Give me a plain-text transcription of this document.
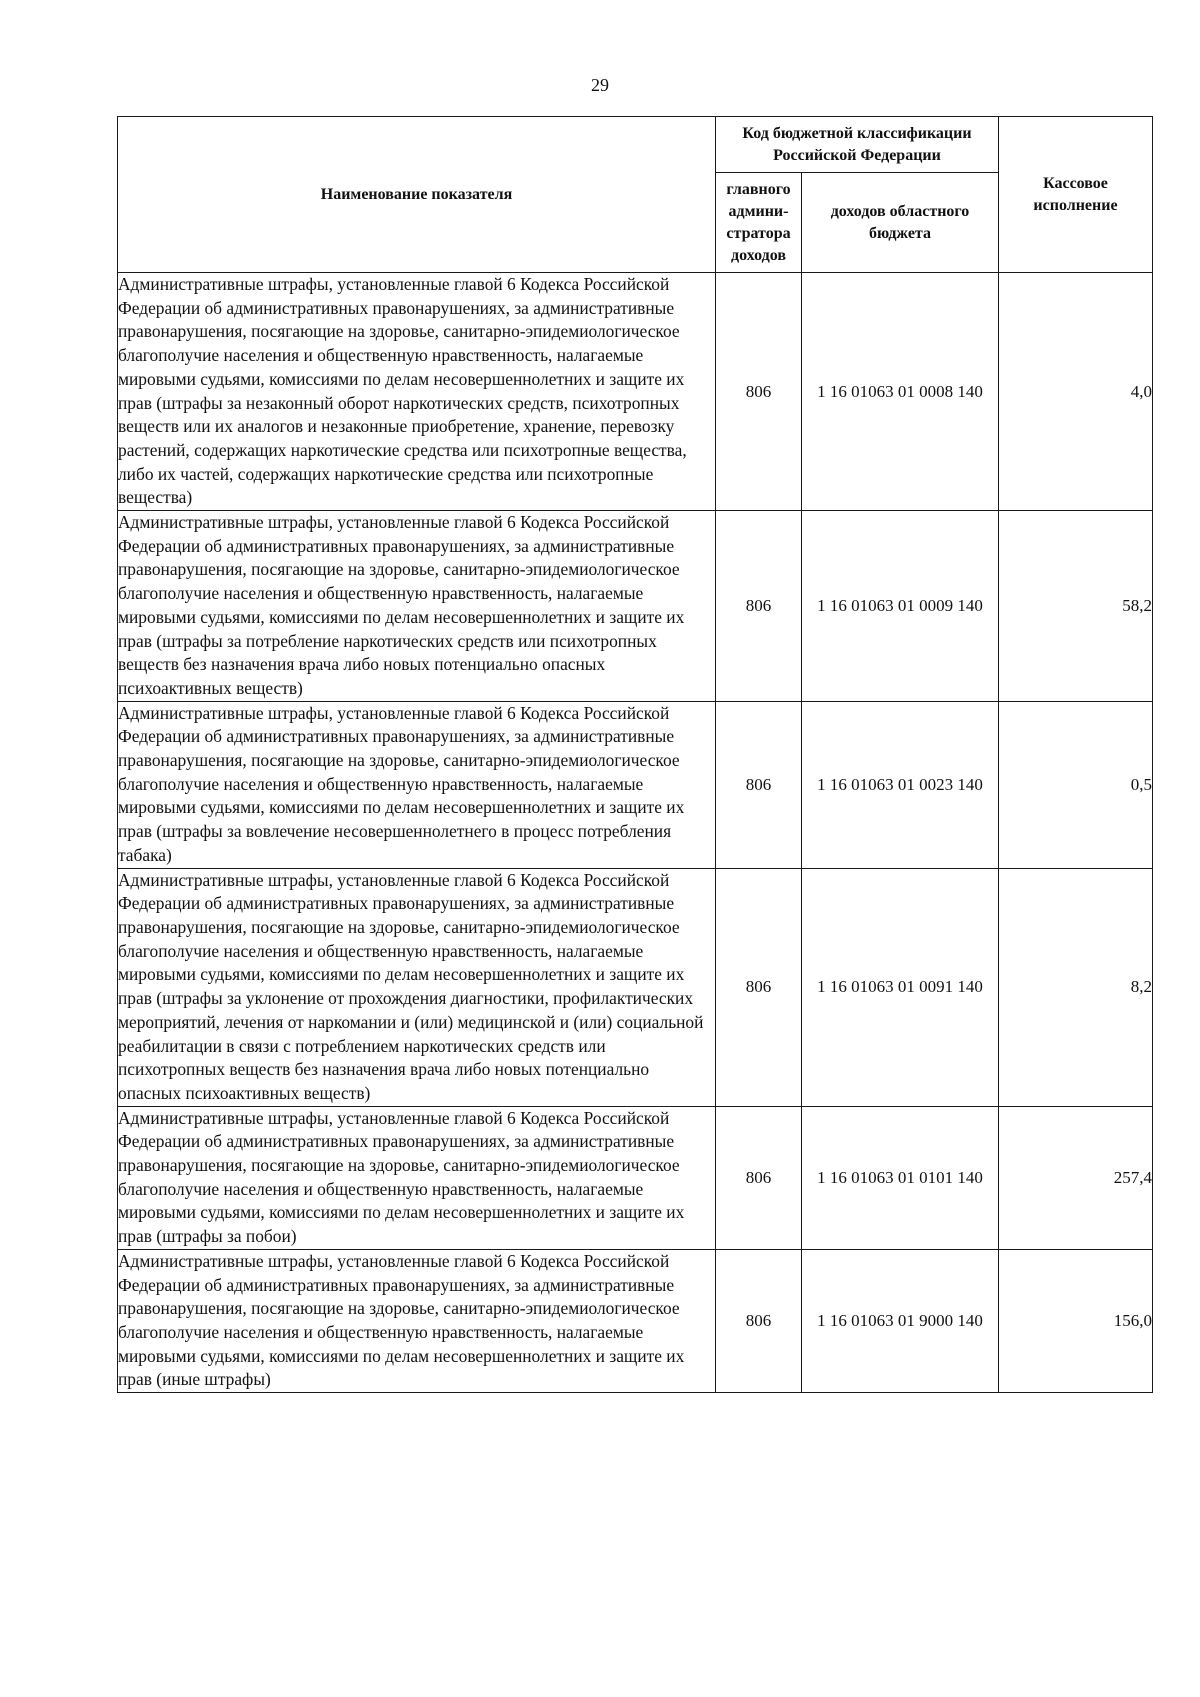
29
Наименование показателя	Код бюджетной классификации Российской Федерации		Кассовое исполнение
	главного админи- стратора доходов	доходов областного бюджета	
Административные штрафы, установленные главой 6 Кодекса Российской Федерации об административных правонарушениях, за административные правонарушения, посягающие на здоровье, санитарно-эпидемиологическое благополучие населения и общественную нравственность, налагаемые мировыми судьями, комиссиями по делам несовершеннолетних и защите их прав (штрафы за незаконный оборот наркотических средств, психотропных веществ или их аналогов и незаконные приобретение, хранение, перевозку растений, содержащих наркотические средства или психотропные вещества, либо их частей, содержащих наркотические средства или психотропные вещества)	806	1 16 01063 01 0008 140	4,0
Административные штрафы, установленные главой 6 Кодекса Российской Федерации об административных правонарушениях, за административные правонарушения, посягающие на здоровье, санитарно-эпидемиологическое благополучие населения и общественную нравственность, налагаемые мировыми судьями, комиссиями по делам несовершеннолетних и защите их прав (штрафы за потребление наркотических средств или психотропных веществ без назначения врача либо новых потенциально опасных психоактивных веществ)	806	1 16 01063 01 0009 140	58,2
Административные штрафы, установленные главой 6 Кодекса Российской Федерации об административных правонарушениях, за административные правонарушения, посягающие на здоровье, санитарно-эпидемиологическое благополучие населения и общественную нравственность, налагаемые мировыми судьями, комиссиями по делам несовершеннолетних и защите их прав (штрафы за вовлечение несовершеннолетнего в процесс потребления табака)	806	1 16 01063 01 0023 140	0,5
Административные штрафы, установленные главой 6 Кодекса Российской Федерации об административных правонарушениях, за административные правонарушения, посягающие на здоровье, санитарно-эпидемиологическое благополучие населения и общественную нравственность, налагаемые мировыми судьями, комиссиями по делам несовершеннолетних и защите их прав (штрафы за уклонение от прохождения диагностики, профилактических мероприятий, лечения от наркомании и (или) медицинской и (или) социальной реабилитации в связи с потреблением наркотических средств или психотропных веществ без назначения врача либо новых потенциально опасных психоактивных веществ)	806	1 16 01063 01 0091 140	8,2
Административные штрафы, установленные главой 6 Кодекса Российской Федерации об административных правонарушениях, за административные правонарушения, посягающие на здоровье, санитарно-эпидемиологическое благополучие населения и общественную нравственность, налагаемые мировыми судьями, комиссиями по делам несовершеннолетних и защите их прав (штрафы за побои)	806	1 16 01063 01 0101 140	257,4
Административные штрафы, установленные главой 6 Кодекса Российской Федерации об административных правонарушениях, за административные правонарушения, посягающие на здоровье, санитарно-эпидемиологическое благополучие населения и общественную нравственность, налагаемые мировыми судьями, комиссиями по делам несовершеннолетних и защите их прав (иные штрафы)	806	1 16 01063 01 9000 140	156,0
